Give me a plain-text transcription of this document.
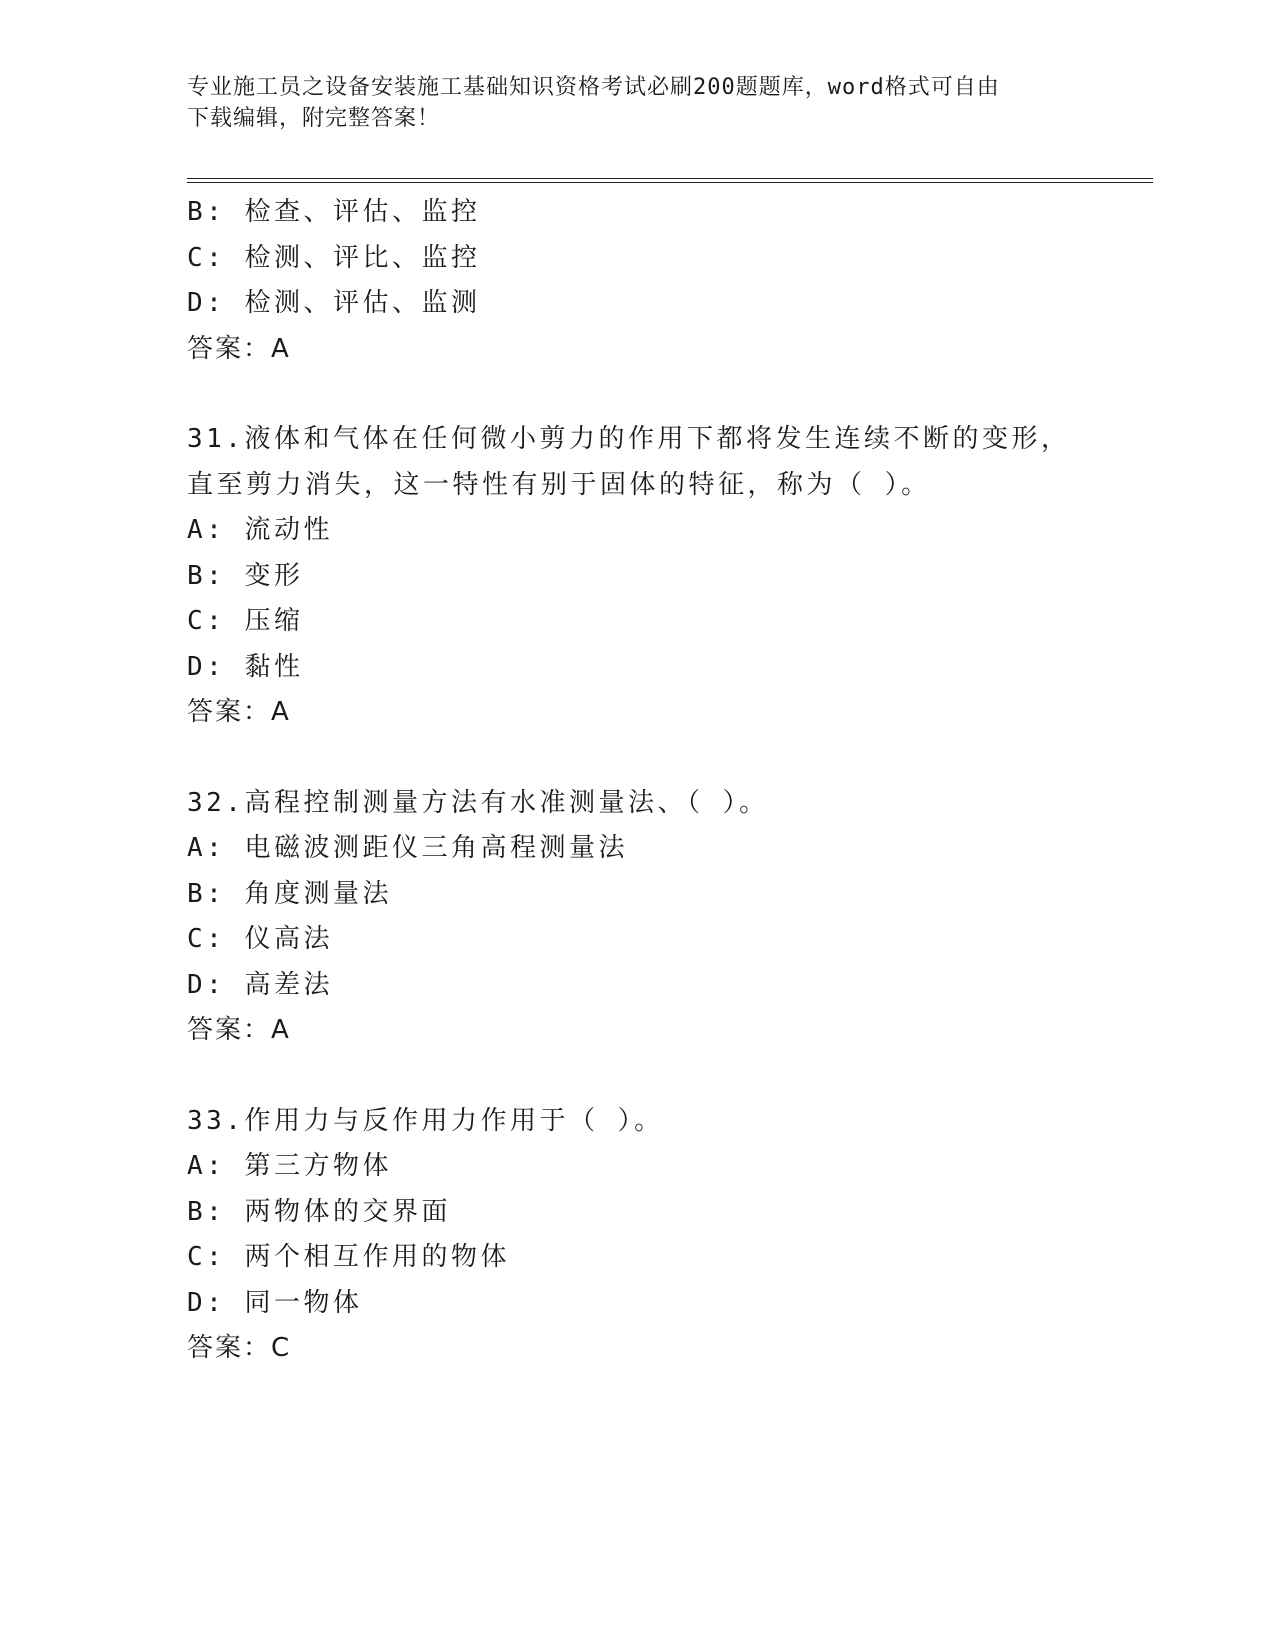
专业施工员之设备安装施工基础知识资格考试必刷200题题库，word格式可自由
下载编辑，附完整答案！
B: 检查、评估、监控
C: 检测、评比、监控
D: 检测、评估、监测
答案：A
31.液体和气体在任何微小剪力的作用下都将发生连续不断的变形，直至剪力消失，这一特性有别于固体的特征，称为（ ）。
A: 流动性
B: 变形
C: 压缩
D: 黏性
答案：A
32.高程控制测量方法有水准测量法、（ ）。
A: 电磁波测距仪三角高程测量法
B: 角度测量法
C: 仪高法
D: 高差法
答案：A
33.作用力与反作用力作用于（ ）。
A: 第三方物体
B: 两物体的交界面
C: 两个相互作用的物体
D: 同一物体
答案：C
